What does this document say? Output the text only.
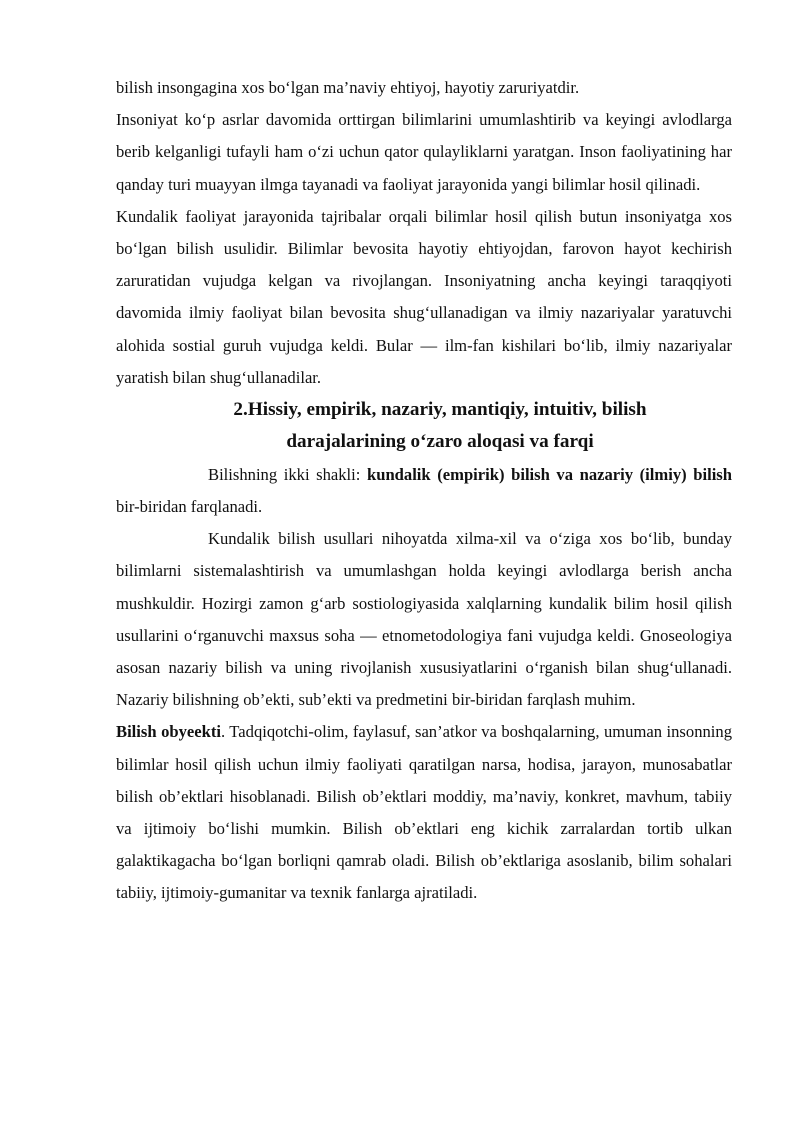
bilish insongagina xos bo‘lgan ma’naviy ehtiyoj, hayotiy zaruriyatdir.

Insoniyat ko‘p asrlar davomida orttirgan bilimlarini umumlashtirib va keyingi avlodlarga berib kelganligi tufayli ham o‘zi uchun qator qulayliklarni yaratgan. Inson faoliyatining har qanday turi muayyan ilmga tayanadi va faoliyat jarayonida yangi bilimlar hosil qilinadi.

Kundalik faoliyat jarayonida tajribalar orqali bilimlar hosil qilish butun insoniyatga xos bo‘lgan bilish usulidir. Bilimlar bevosita hayotiy ehtiyojdan, farovon hayot kechirish zaruratidan vujudga kelgan va rivojlangan. Insoniyatning ancha keyingi taraqqiyoti davomida ilmiy faoliyat bilan bevosita shug‘ullanadigan va ilmiy nazariyalar yaratuvchi alohida sostial guruh vujudga keldi. Bular — ilm-fan kishilari bo‘lib, ilmiy nazariyalar yaratish bilan shug‘ullanadilar.

2.Hissiy, empirik, nazariy, mantiqiy, intuitiv, bilish
darajalarining o‘zaro aloqasi va farqi

Bilishning ikki shakli: kundalik (empirik) bilish va nazariy (ilmiy) bilish bir-biridan farqlanadi.

Kundalik bilish usullari nihoyatda xilma-xil va o‘ziga xos bo‘lib, bunday bilimlarni sistemalashtirish va umumlashgan holda keyingi avlodlarga berish ancha mushkuldir. Hozirgi zamon g‘arb sostiologiyasida xalqlarning kundalik bilim hosil qilish usullarini o‘rganuvchi maxsus soha — etnometodologiya fani vujudga keldi. Gnoseologiya asosan nazariy bilish va uning rivojlanish xususiyatlarini o‘rganish bilan shug‘ullanadi. Nazariy bilishning ob’ekti, sub’ekti va predmetini bir-biridan farqlash muhim.

Bilish obyeekti. Tadqiqotchi-olim, faylasuf, san’atkor va boshqalarning, umuman insonning bilimlar hosil qilish uchun ilmiy faoliyati qaratilgan narsa, hodisa, jarayon, munosabatlar bilish ob’ektlari hisoblanadi. Bilish ob’ektlari moddiy, ma’naviy, konkret, mavhum, tabiiy va ijtimoiy bo‘lishi mumkin. Bilish ob’ektlari eng kichik zarralardan tortib ulkan galaktikagacha bo‘lgan borliqni qamrab oladi. Bilish ob’ektlariga asoslanib, bilim sohalari tabiiy, ijtimoiy-gumanitar va texnik fanlarga ajratiladi.
